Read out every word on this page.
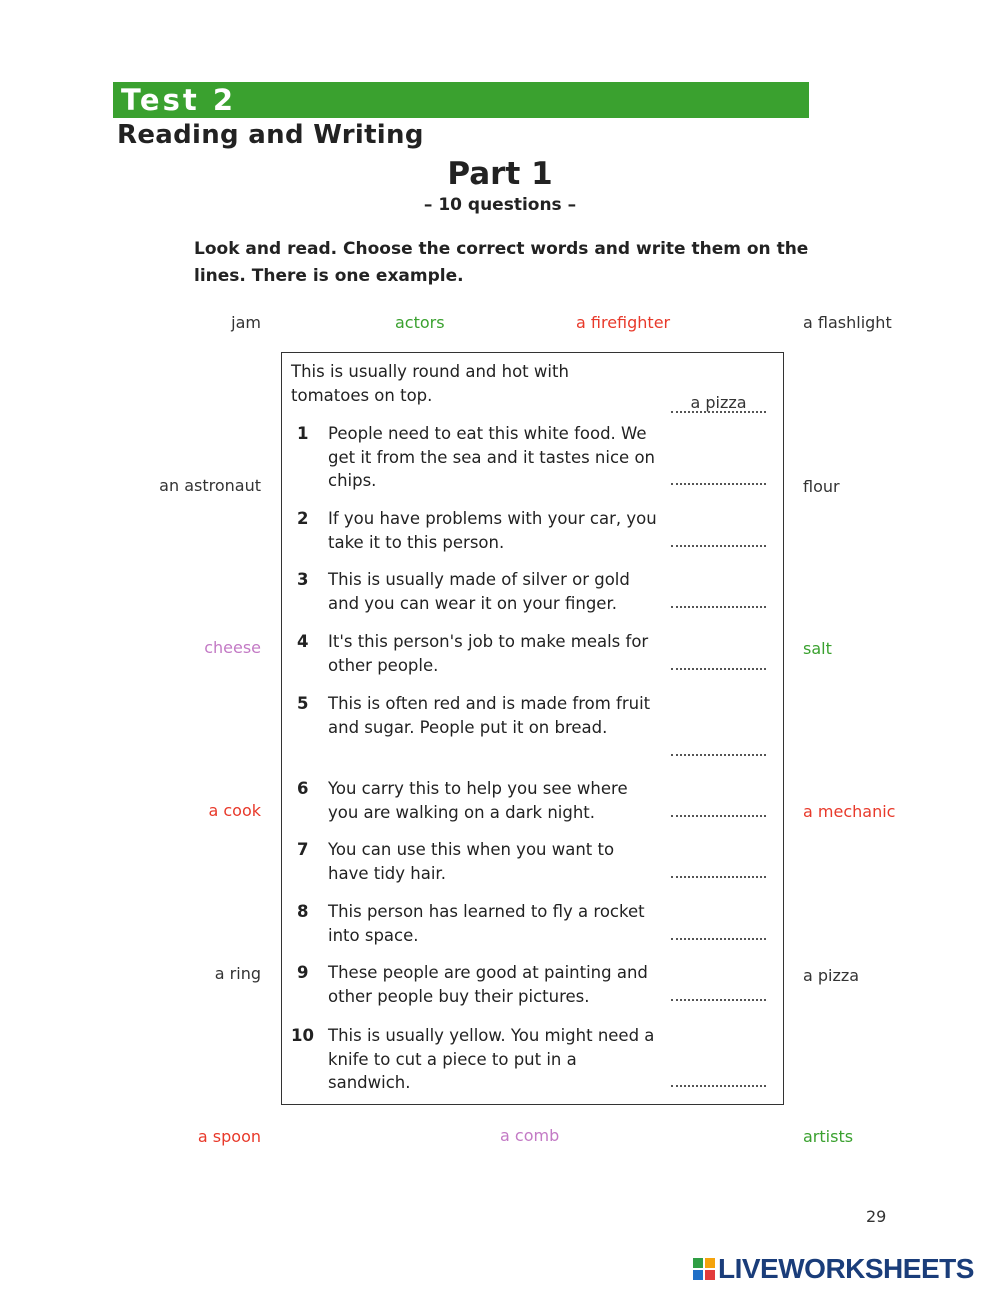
Test 2
Reading and Writing
Part 1
– 10 questions –
Look and read. Choose the correct words and write them on the lines. There is one example.
jam	actors	a firefighter	a flashlight
an astronaut	flour
cheese	salt
a cook	a mechanic
a ring	a pizza
a spoon	a comb	artists
This is usually round and hot with tomatoes on top.	a pizza
1 People need to eat this white food. We get it from the sea and it tastes nice on chips.
2 If you have problems with your car, you take it to this person.
3 This is usually made of silver or gold and you can wear it on your finger.
4 It's this person's job to make meals for other people.
5 This is often red and is made from fruit and sugar. People put it on bread.
6 You carry this to help you see where you are walking on a dark night.
7 You can use this when you want to have tidy hair.
8 This person has learned to fly a rocket into space.
9 These people are good at painting and other people buy their pictures.
10 This is usually yellow. You might need a knife to cut a piece to put in a sandwich.
29
LIVEWORKSHEETS
